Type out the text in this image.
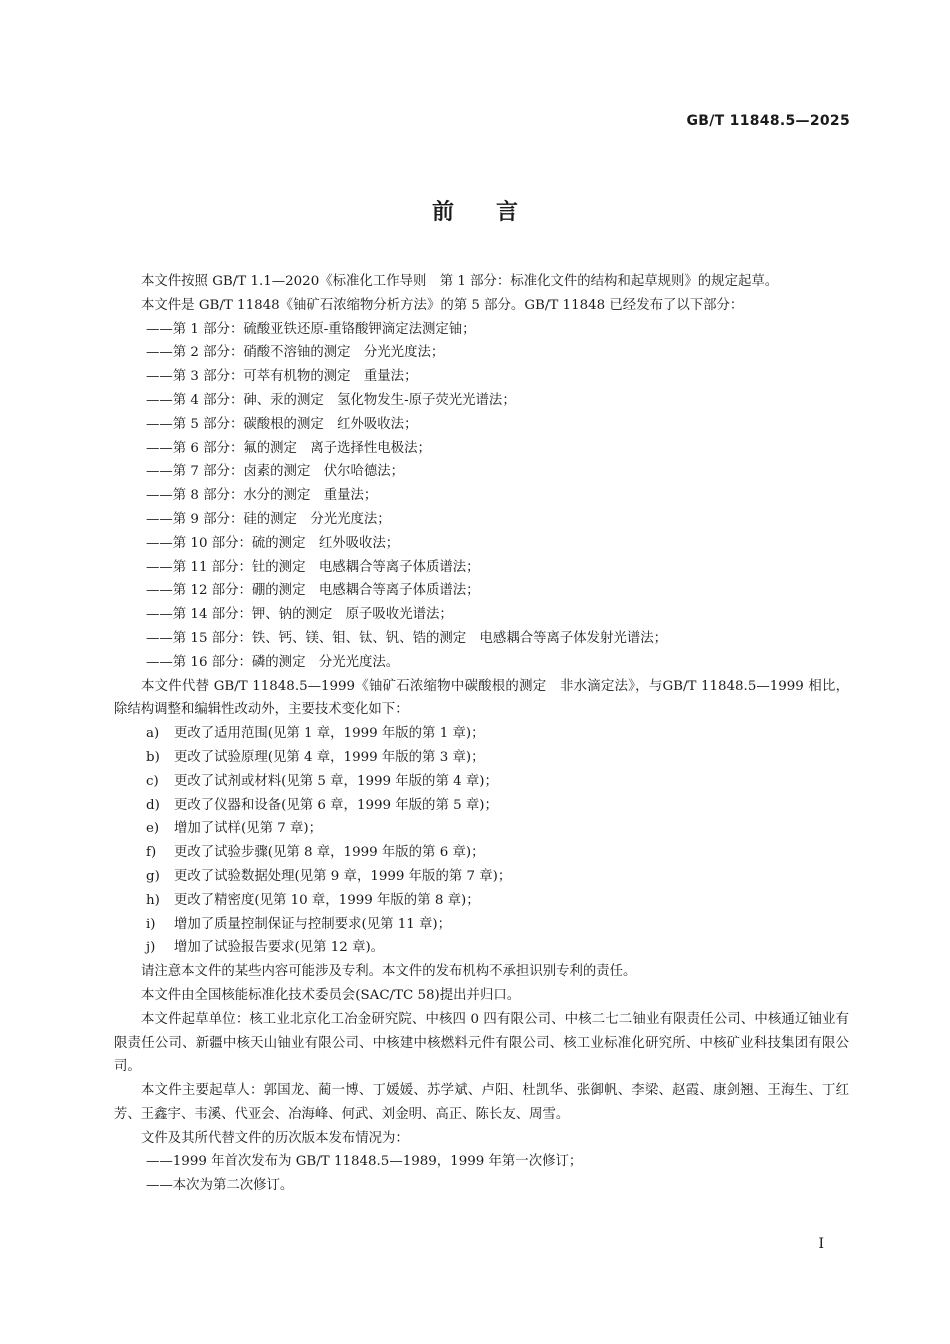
GB/T 11848.5—2025
前言

本文件按照 GB/T 1.1—2020《标准化工作导则　第 1 部分：标准化文件的结构和起草规则》的规定起草。

本文件是 GB/T 11848《铀矿石浓缩物分析方法》的第 5 部分。GB/T 11848 已经发布了以下部分：

——第 1 部分：硫酸亚铁还原-重铬酸钾滴定法测定铀；

——第 2 部分：硝酸不溶铀的测定　分光光度法；

——第 3 部分：可萃有机物的测定　重量法；

——第 4 部分：砷、汞的测定　氢化物发生-原子荧光光谱法；

——第 5 部分：碳酸根的测定　红外吸收法；

——第 6 部分：氟的测定　离子选择性电极法；

——第 7 部分：卤素的测定　伏尔哈德法；

——第 8 部分：水分的测定　重量法；

——第 9 部分：硅的测定　分光光度法；

——第 10 部分：硫的测定　红外吸收法；

——第 11 部分：钍的测定　电感耦合等离子体质谱法；

——第 12 部分：硼的测定　电感耦合等离子体质谱法；

——第 14 部分：钾、钠的测定　原子吸收光谱法；

——第 15 部分：铁、钙、镁、钼、钛、钒、锆的测定　电感耦合等离子体发射光谱法；

——第 16 部分：磷的测定　分光光度法。

本文件代替 GB/T 11848.5—1999《铀矿石浓缩物中碳酸根的测定　非水滴定法》，与GB/T 11848.5—1999 相比，除结构调整和编辑性改动外，主要技术变化如下：

a) 更改了适用范围(见第 1 章，1999 年版的第 1 章)；

b) 更改了试验原理(见第 4 章，1999 年版的第 3 章)；

c) 更改了试剂或材料(见第 5 章，1999 年版的第 4 章)；

d) 更改了仪器和设备(见第 6 章，1999 年版的第 5 章)；

e) 增加了试样(见第 7 章)；

f) 更改了试验步骤(见第 8 章，1999 年版的第 6 章)；

g) 更改了试验数据处理(见第 9 章，1999 年版的第 7 章)；

h) 更改了精密度(见第 10 章，1999 年版的第 8 章)；

i) 增加了质量控制保证与控制要求(见第 11 章)；

j) 增加了试验报告要求(见第 12 章)。

请注意本文件的某些内容可能涉及专利。本文件的发布机构不承担识别专利的责任。

本文件由全国核能标准化技术委员会(SAC/TC 58)提出并归口。

本文件起草单位：核工业北京化工冶金研究院、中核四 0 四有限公司、中核二七二铀业有限责任公司、中核通辽铀业有限责任公司、新疆中核天山铀业有限公司、中核建中核燃料元件有限公司、核工业标准化研究所、中核矿业科技集团有限公司。

本文件主要起草人：郭国龙、蔺一博、丁媛媛、苏学斌、卢阳、杜凯华、张御帆、李梁、赵霞、康剑翘、王海生、丁红芳、王鑫宇、韦溪、代亚会、冶海峰、何武、刘金明、高正、陈长友、周雪。

文件及其所代替文件的历次版本发布情况为：

——1999 年首次发布为 GB/T 11848.5—1989，1999 年第一次修订；

——本次为第二次修订。

I
